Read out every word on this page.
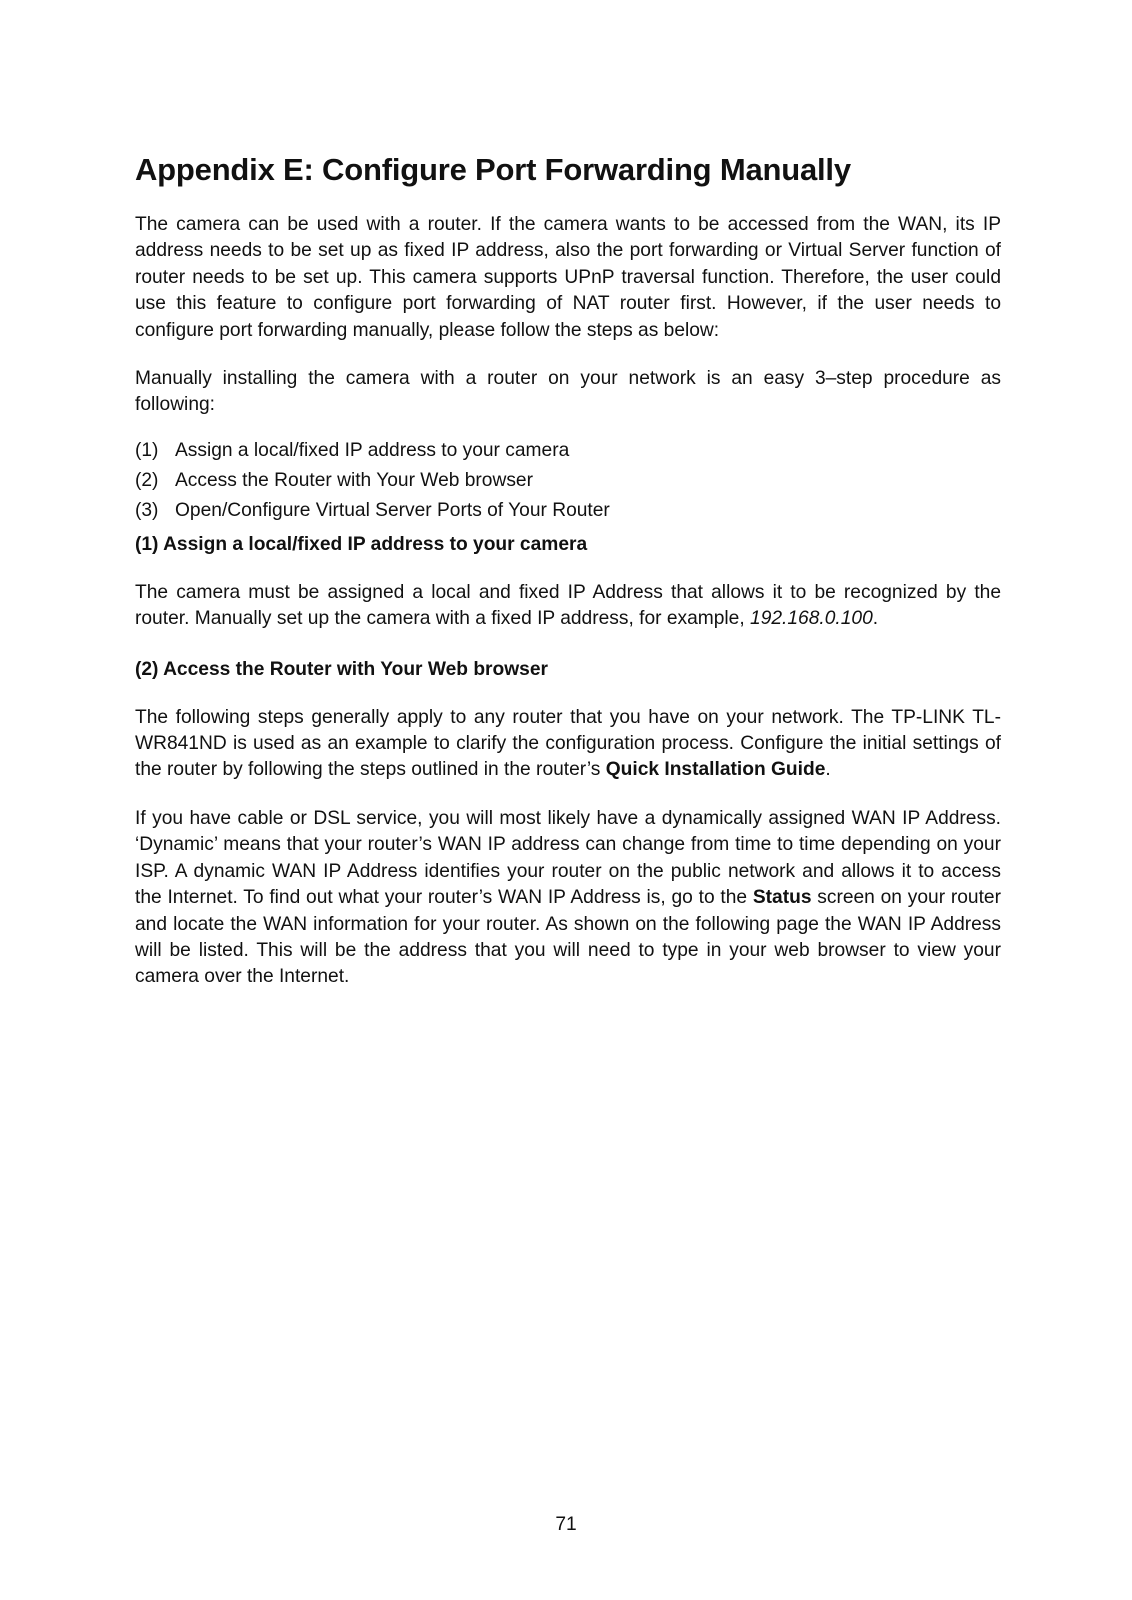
Appendix E: Configure Port Forwarding Manually

The camera can be used with a router. If the camera wants to be accessed from the WAN, its IP address needs to be set up as fixed IP address, also the port forwarding or Virtual Server function of router needs to be set up. This camera supports UPnP traversal function. Therefore, the user could use this feature to configure port forwarding of NAT router first. However, if the user needs to configure port forwarding manually, please follow the steps as below:

Manually installing the camera with a router on your network is an easy 3–step procedure as following:

(1) Assign a local/fixed IP address to your camera
(2) Access the Router with Your Web browser
(3) Open/Configure Virtual Server Ports of Your Router
(1) Assign a local/fixed IP address to your camera

The camera must be assigned a local and fixed IP Address that allows it to be recognized by the router. Manually set up the camera with a fixed IP address, for example, 192.168.0.100.

(2) Access the Router with Your Web browser

The following steps generally apply to any router that you have on your network. The TP-LINK TL-WR841ND is used as an example to clarify the configuration process. Configure the initial settings of the router by following the steps outlined in the router’s Quick Installation Guide.

If you have cable or DSL service, you will most likely have a dynamically assigned WAN IP Address. ‘Dynamic’ means that your router’s WAN IP address can change from time to time depending on your ISP. A dynamic WAN IP Address identifies your router on the public network and allows it to access the Internet. To find out what your router’s WAN IP Address is, go to the Status screen on your router and locate the WAN information for your router. As shown on the following page the WAN IP Address will be listed. This will be the address that you will need to type in your web browser to view your camera over the Internet.

71
